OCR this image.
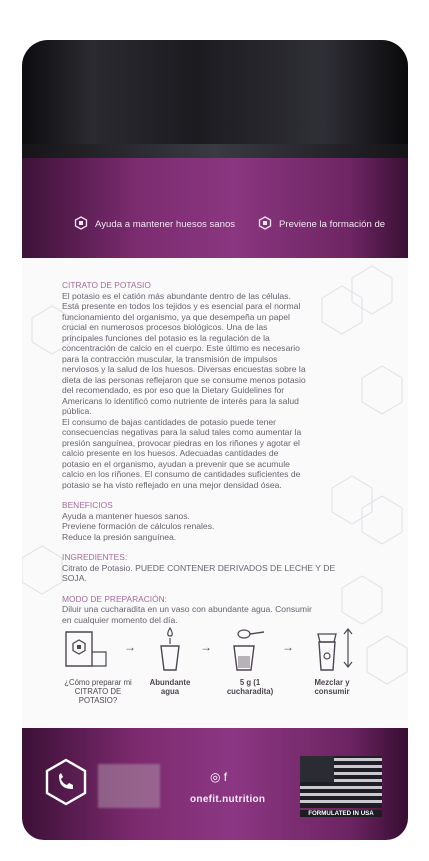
Ayuda a mantener huesos sanos	Previene la formación de
CITRATO DE POTASIO
El potasio es el catión más abundante dentro de las células.
Está presente en todos los tejidos y es esencial para el normal
funcionamiento del organismo, ya que desempeña un papel
crucial en numerosos procesos biológicos. Una de las
principales funciones del potasio es la regulación de la
concentración de calcio en el cuerpo. Este último es necesario
para la contracción muscular, la transmisión de impulsos
nerviosos y la salud de los huesos. Diversas encuestas sobre la
dieta de las personas reflejaron que se consume menos potasio
del recomendado, es por eso que la Dietary Guidelines for
Americans lo identificó como nutriente de interés para la salud
pública.
El consumo de bajas cantidades de potasio puede tener
consecuencias negativas para la salud tales como aumentar la
presión sanguínea, provocar piedras en los riñones y agotar el
calcio presente en los huesos. Adecuadas cantidades de
potasio en el organismo, ayudan a prevenir que se acumule
calcio en los riñones. El consumo de cantidades suficientes de
potasio se ha visto reflejado en una mejor densidad ósea.
BENEFICIOS
Ayuda a mantener huesos sanos.
Previene formación de cálculos renales.
Reduce la presión sanguínea.
INGREDIENTES:
Citrato de Potasio. PUEDE CONTENER DERIVADOS DE LECHE Y DE
SOJA.
MODO DE PREPARACIÓN:
Diluir una cucharadita en un vaso con abundante agua. Consumir
en cualquier momento del día.
→	→	→
¿Cómo preparar mi
CITRATO DE POTASIO?
Abundante
agua
5 g (1
cucharadita)
Mezclar y
consumir
◎ f
onefit.nutrition
FORMULATED IN USA
